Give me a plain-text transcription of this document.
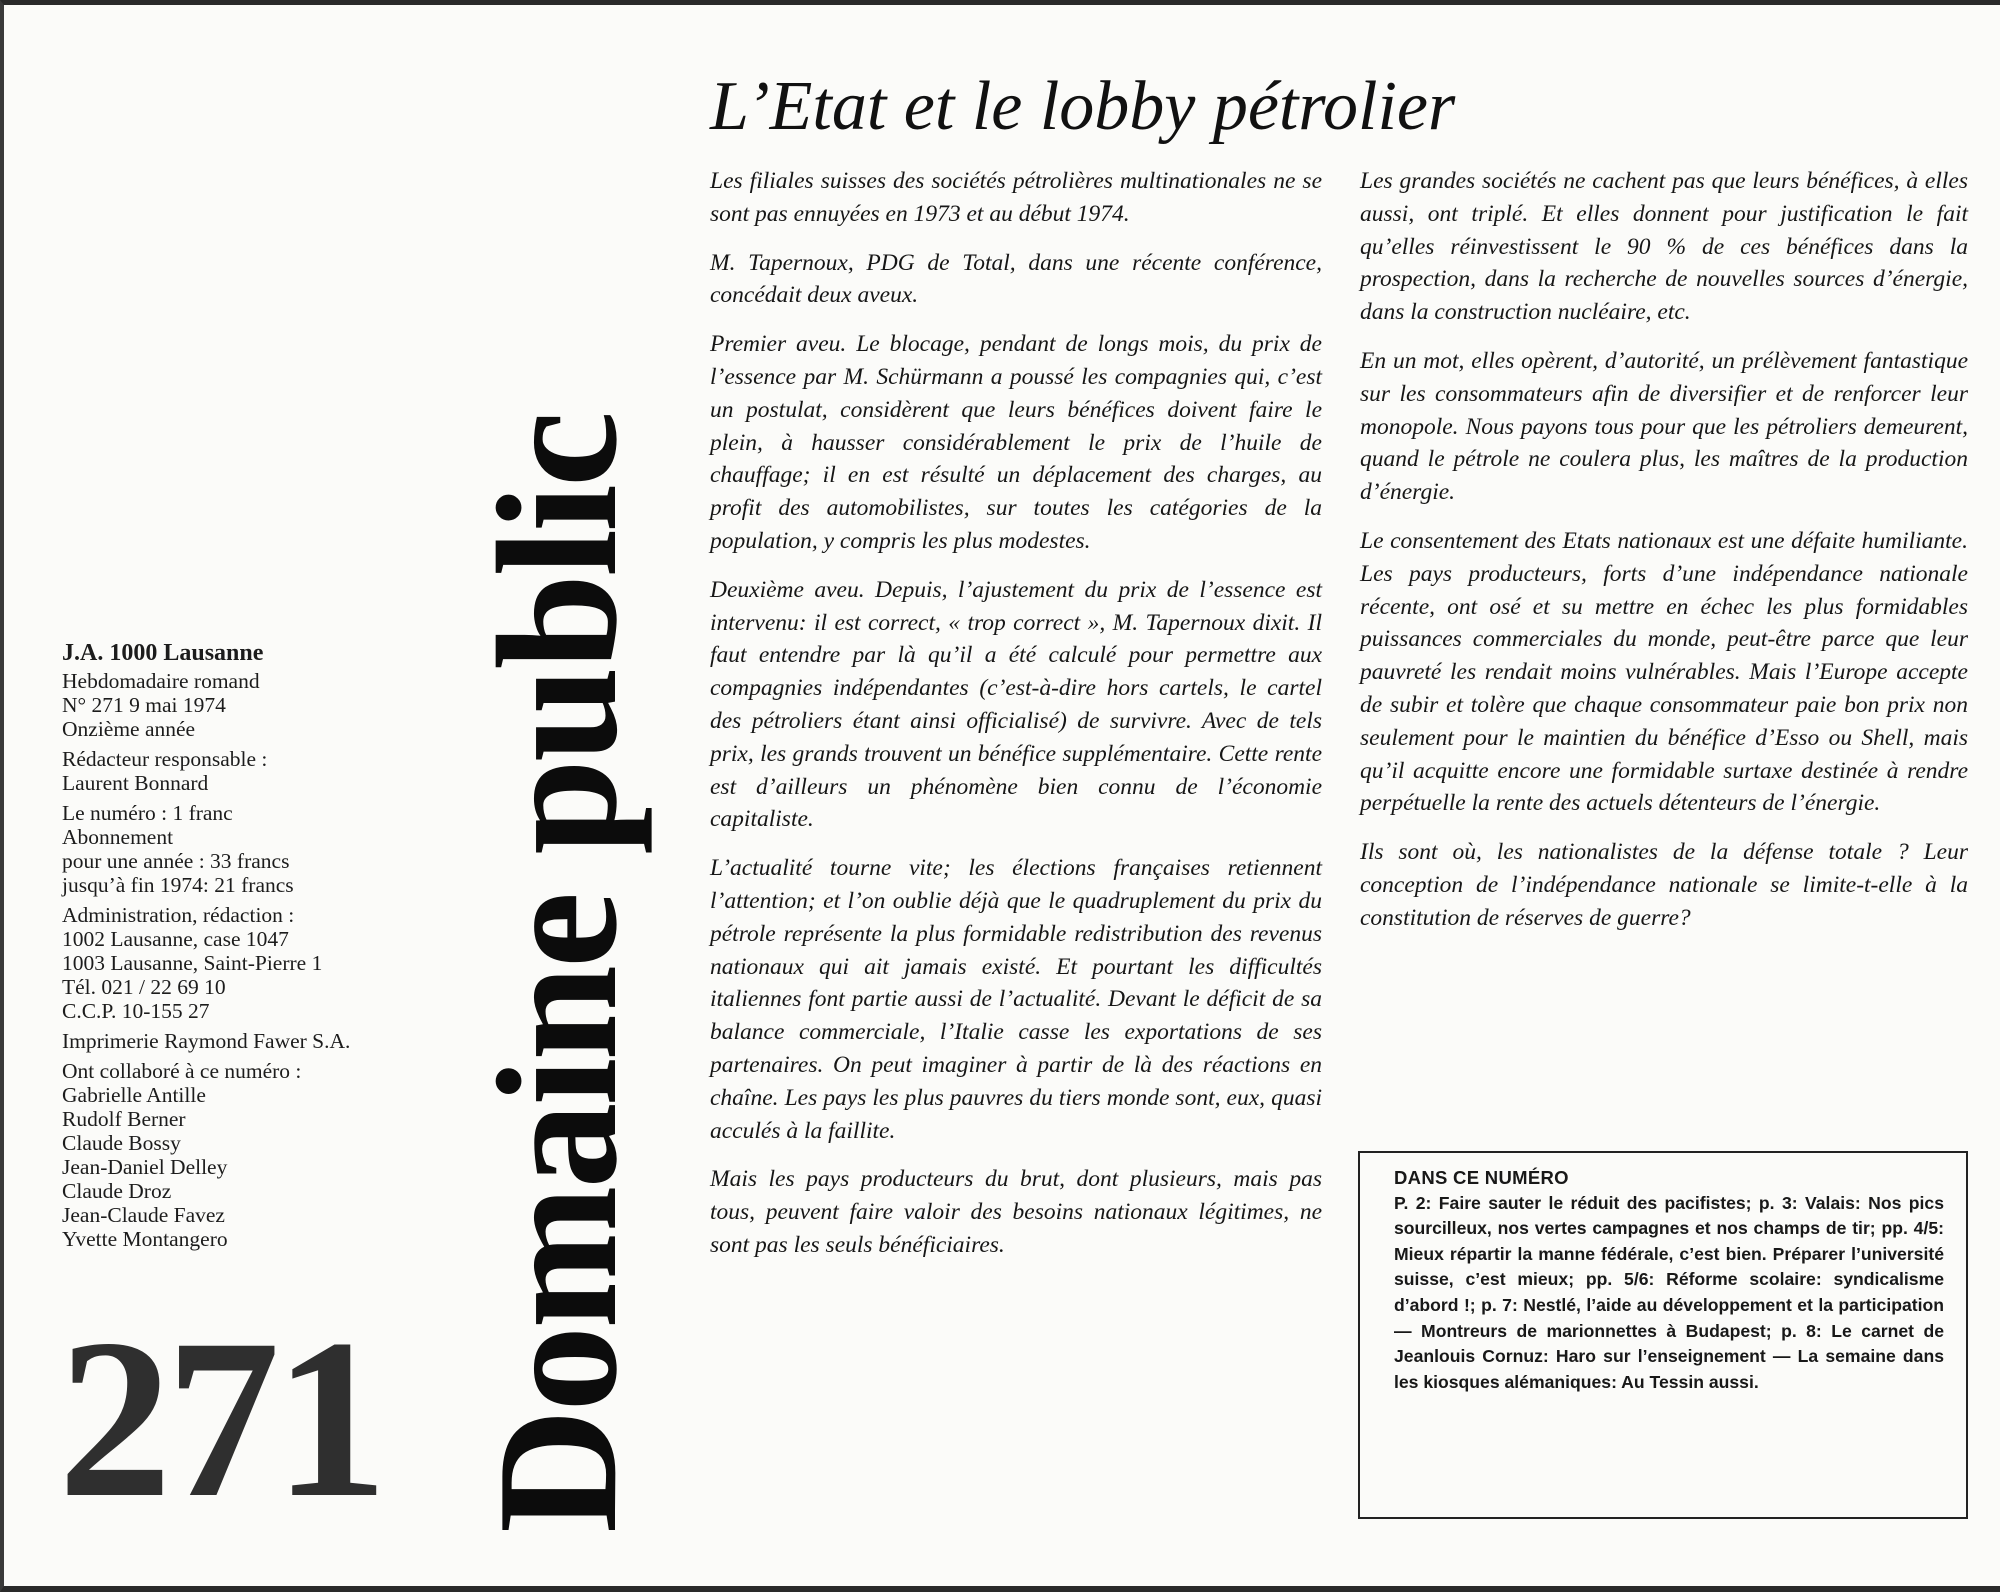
L’Etat et le lobby pétrolier
Domaine public
J.A. 1000 Lausanne
Hebdomadaire romand
N° 271 9 mai 1974
Onzième année
Rédacteur responsable :
Laurent Bonnard
Le numéro : 1 franc
Abonnement
pour une année : 33 francs
jusqu’à fin 1974: 21 francs
Administration, rédaction :
1002 Lausanne, case 1047
1003 Lausanne, Saint-Pierre 1
Tél. 021 / 22 69 10
C.C.P. 10-155 27
Imprimerie Raymond Fawer S.A.
Ont collaboré à ce numéro :
Gabrielle Antille
Rudolf Berner
Claude Bossy
Jean-Daniel Delley
Claude Droz
Jean-Claude Favez
Yvette Montangero
271

Les filiales suisses des sociétés pétrolières multinationales ne se sont pas ennuyées en 1973 et au début 1974.

M. Tapernoux, PDG de Total, dans une récente conférence, concédait deux aveux.

Premier aveu. Le blocage, pendant de longs mois, du prix de l’essence par M. Schürmann a poussé les compagnies qui, c’est un postulat, considèrent que leurs bénéfices doivent faire le plein, à hausser considérablement le prix de l’huile de chauffage; il en est résulté un déplacement des charges, au profit des automobilistes, sur toutes les catégories de la population, y compris les plus modestes.

Deuxième aveu. Depuis, l’ajustement du prix de l’essence est intervenu: il est correct, « trop correct », M. Tapernoux dixit. Il faut entendre par là qu’il a été calculé pour permettre aux compagnies indépendantes (c’est-à-dire hors cartels, le cartel des pétroliers étant ainsi officialisé) de survivre. Avec de tels prix, les grands trouvent un bénéfice supplémentaire. Cette rente est d’ailleurs un phénomène bien connu de l’économie capitaliste.

L’actualité tourne vite; les élections françaises retiennent l’attention; et l’on oublie déjà que le quadruplement du prix du pétrole représente la plus formidable redistribution des revenus nationaux qui ait jamais existé. Et pourtant les difficultés italiennes font partie aussi de l’actualité. Devant le déficit de sa balance commerciale, l’Italie casse les exportations de ses partenaires. On peut imaginer à partir de là des réactions en chaîne. Les pays les plus pauvres du tiers monde sont, eux, quasi acculés à la faillite.

Mais les pays producteurs du brut, dont plusieurs, mais pas tous, peuvent faire valoir des besoins nationaux légitimes, ne sont pas les seuls bénéficiaires.

Les grandes sociétés ne cachent pas que leurs bénéfices, à elles aussi, ont triplé. Et elles donnent pour justification le fait qu’elles réinvestissent le 90 % de ces bénéfices dans la prospection, dans la recherche de nouvelles sources d’énergie, dans la construction nucléaire, etc.

En un mot, elles opèrent, d’autorité, un prélèvement fantastique sur les consommateurs afin de diversifier et de renforcer leur monopole. Nous payons tous pour que les pétroliers demeurent, quand le pétrole ne coulera plus, les maîtres de la production d’énergie.

Le consentement des Etats nationaux est une défaite humiliante. Les pays producteurs, forts d’une indépendance nationale récente, ont osé et su mettre en échec les plus formidables puissances commerciales du monde, peut-être parce que leur pauvreté les rendait moins vulnérables. Mais l’Europe accepte de subir et tolère que chaque consommateur paie bon prix non seulement pour le maintien du bénéfice d’Esso ou Shell, mais qu’il acquitte encore une formidable surtaxe destinée à rendre perpétuelle la rente des actuels détenteurs de l’énergie.

Ils sont où, les nationalistes de la défense totale ? Leur conception de l’indépendance nationale se limite-t-elle à la constitution de réserves de guerre?

DANS CE NUMÉRO
P. 2: Faire sauter le réduit des pacifistes; p. 3: Valais: Nos pics sourcilleux, nos vertes campagnes et nos champs de tir; pp. 4/5: Mieux répartir la manne fédérale, c’est bien. Préparer l’université suisse, c’est mieux; pp. 5/6: Réforme scolaire: syndicalisme d’abord !; p. 7: Nestlé, l’aide au développement et la participation — Montreurs de marionnettes à Budapest; p. 8: Le carnet de Jeanlouis Cornuz: Haro sur l’enseignement — La semaine dans les kiosques alémaniques: Au Tessin aussi.
